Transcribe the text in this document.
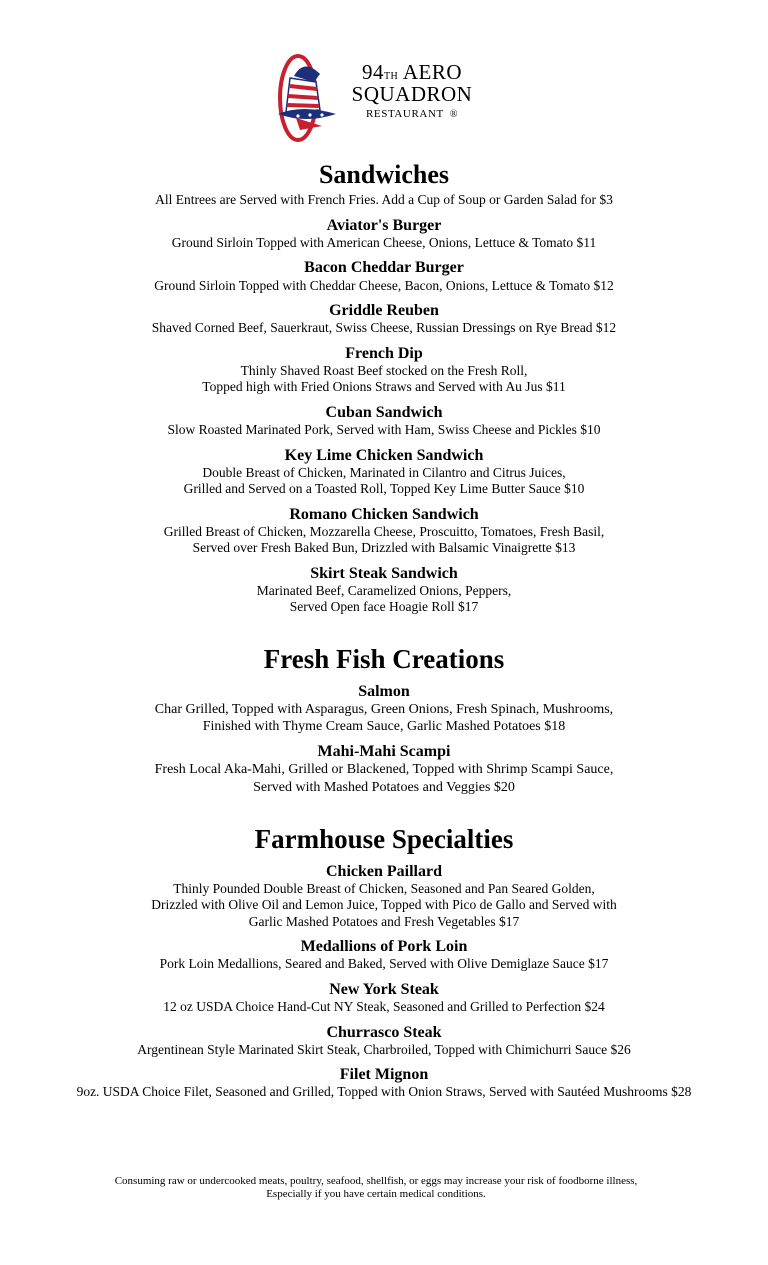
94TH AERO
SQUADRON
RESTAURANT ®
Sandwiches
All Entrees are Served with French Fries. Add a Cup of Soup or Garden Salad for $3
Aviator's Burger
Ground Sirloin Topped with American Cheese, Onions, Lettuce & Tomato $11
Bacon Cheddar Burger
Ground Sirloin Topped with Cheddar Cheese, Bacon, Onions, Lettuce & Tomato $12
Griddle Reuben
Shaved Corned Beef, Sauerkraut, Swiss Cheese, Russian Dressings on Rye Bread $12
French Dip
Thinly Shaved Roast Beef stocked on the Fresh Roll,
Topped high with Fried Onions Straws and Served with Au Jus $11
Cuban Sandwich
Slow Roasted Marinated Pork, Served with Ham, Swiss Cheese and Pickles $10
Key Lime Chicken Sandwich
Double Breast of Chicken, Marinated in Cilantro and Citrus Juices,
Grilled and Served on a Toasted Roll, Topped Key Lime Butter Sauce $10
Romano Chicken Sandwich
Grilled Breast of Chicken, Mozzarella Cheese, Proscuitto, Tomatoes, Fresh Basil,
Served over Fresh Baked Bun, Drizzled with Balsamic Vinaigrette $13
Skirt Steak Sandwich
Marinated Beef, Caramelized Onions, Peppers,
Served Open face Hoagie Roll $17
Fresh Fish Creations
Salmon
Char Grilled, Topped with Asparagus, Green Onions, Fresh Spinach, Mushrooms,
Finished with Thyme Cream Sauce, Garlic Mashed Potatoes $18
Mahi-Mahi Scampi
Fresh Local Aka-Mahi, Grilled or Blackened, Topped with Shrimp Scampi Sauce,
Served with Mashed Potatoes and Veggies $20
Farmhouse Specialties
Chicken Paillard
Thinly Pounded Double Breast of Chicken, Seasoned and Pan Seared Golden,
Drizzled with Olive Oil and Lemon Juice, Topped with Pico de Gallo and Served with
Garlic Mashed Potatoes and Fresh Vegetables $17
Medallions of Pork Loin
Pork Loin Medallions, Seared and Baked, Served with Olive Demiglaze Sauce $17
New York Steak
12 oz USDA Choice Hand-Cut NY Steak, Seasoned and Grilled to Perfection $24
Churrasco Steak
Argentinean Style Marinated Skirt Steak, Charbroiled, Topped with Chimichurri Sauce $26
Filet Mignon
9oz. USDA Choice Filet, Seasoned and Grilled, Topped with Onion Straws, Served with Sautéed Mushrooms $28
Consuming raw or undercooked meats, poultry, seafood, shellfish, or eggs may increase your risk of foodborne illness,
Especially if you have certain medical conditions.
